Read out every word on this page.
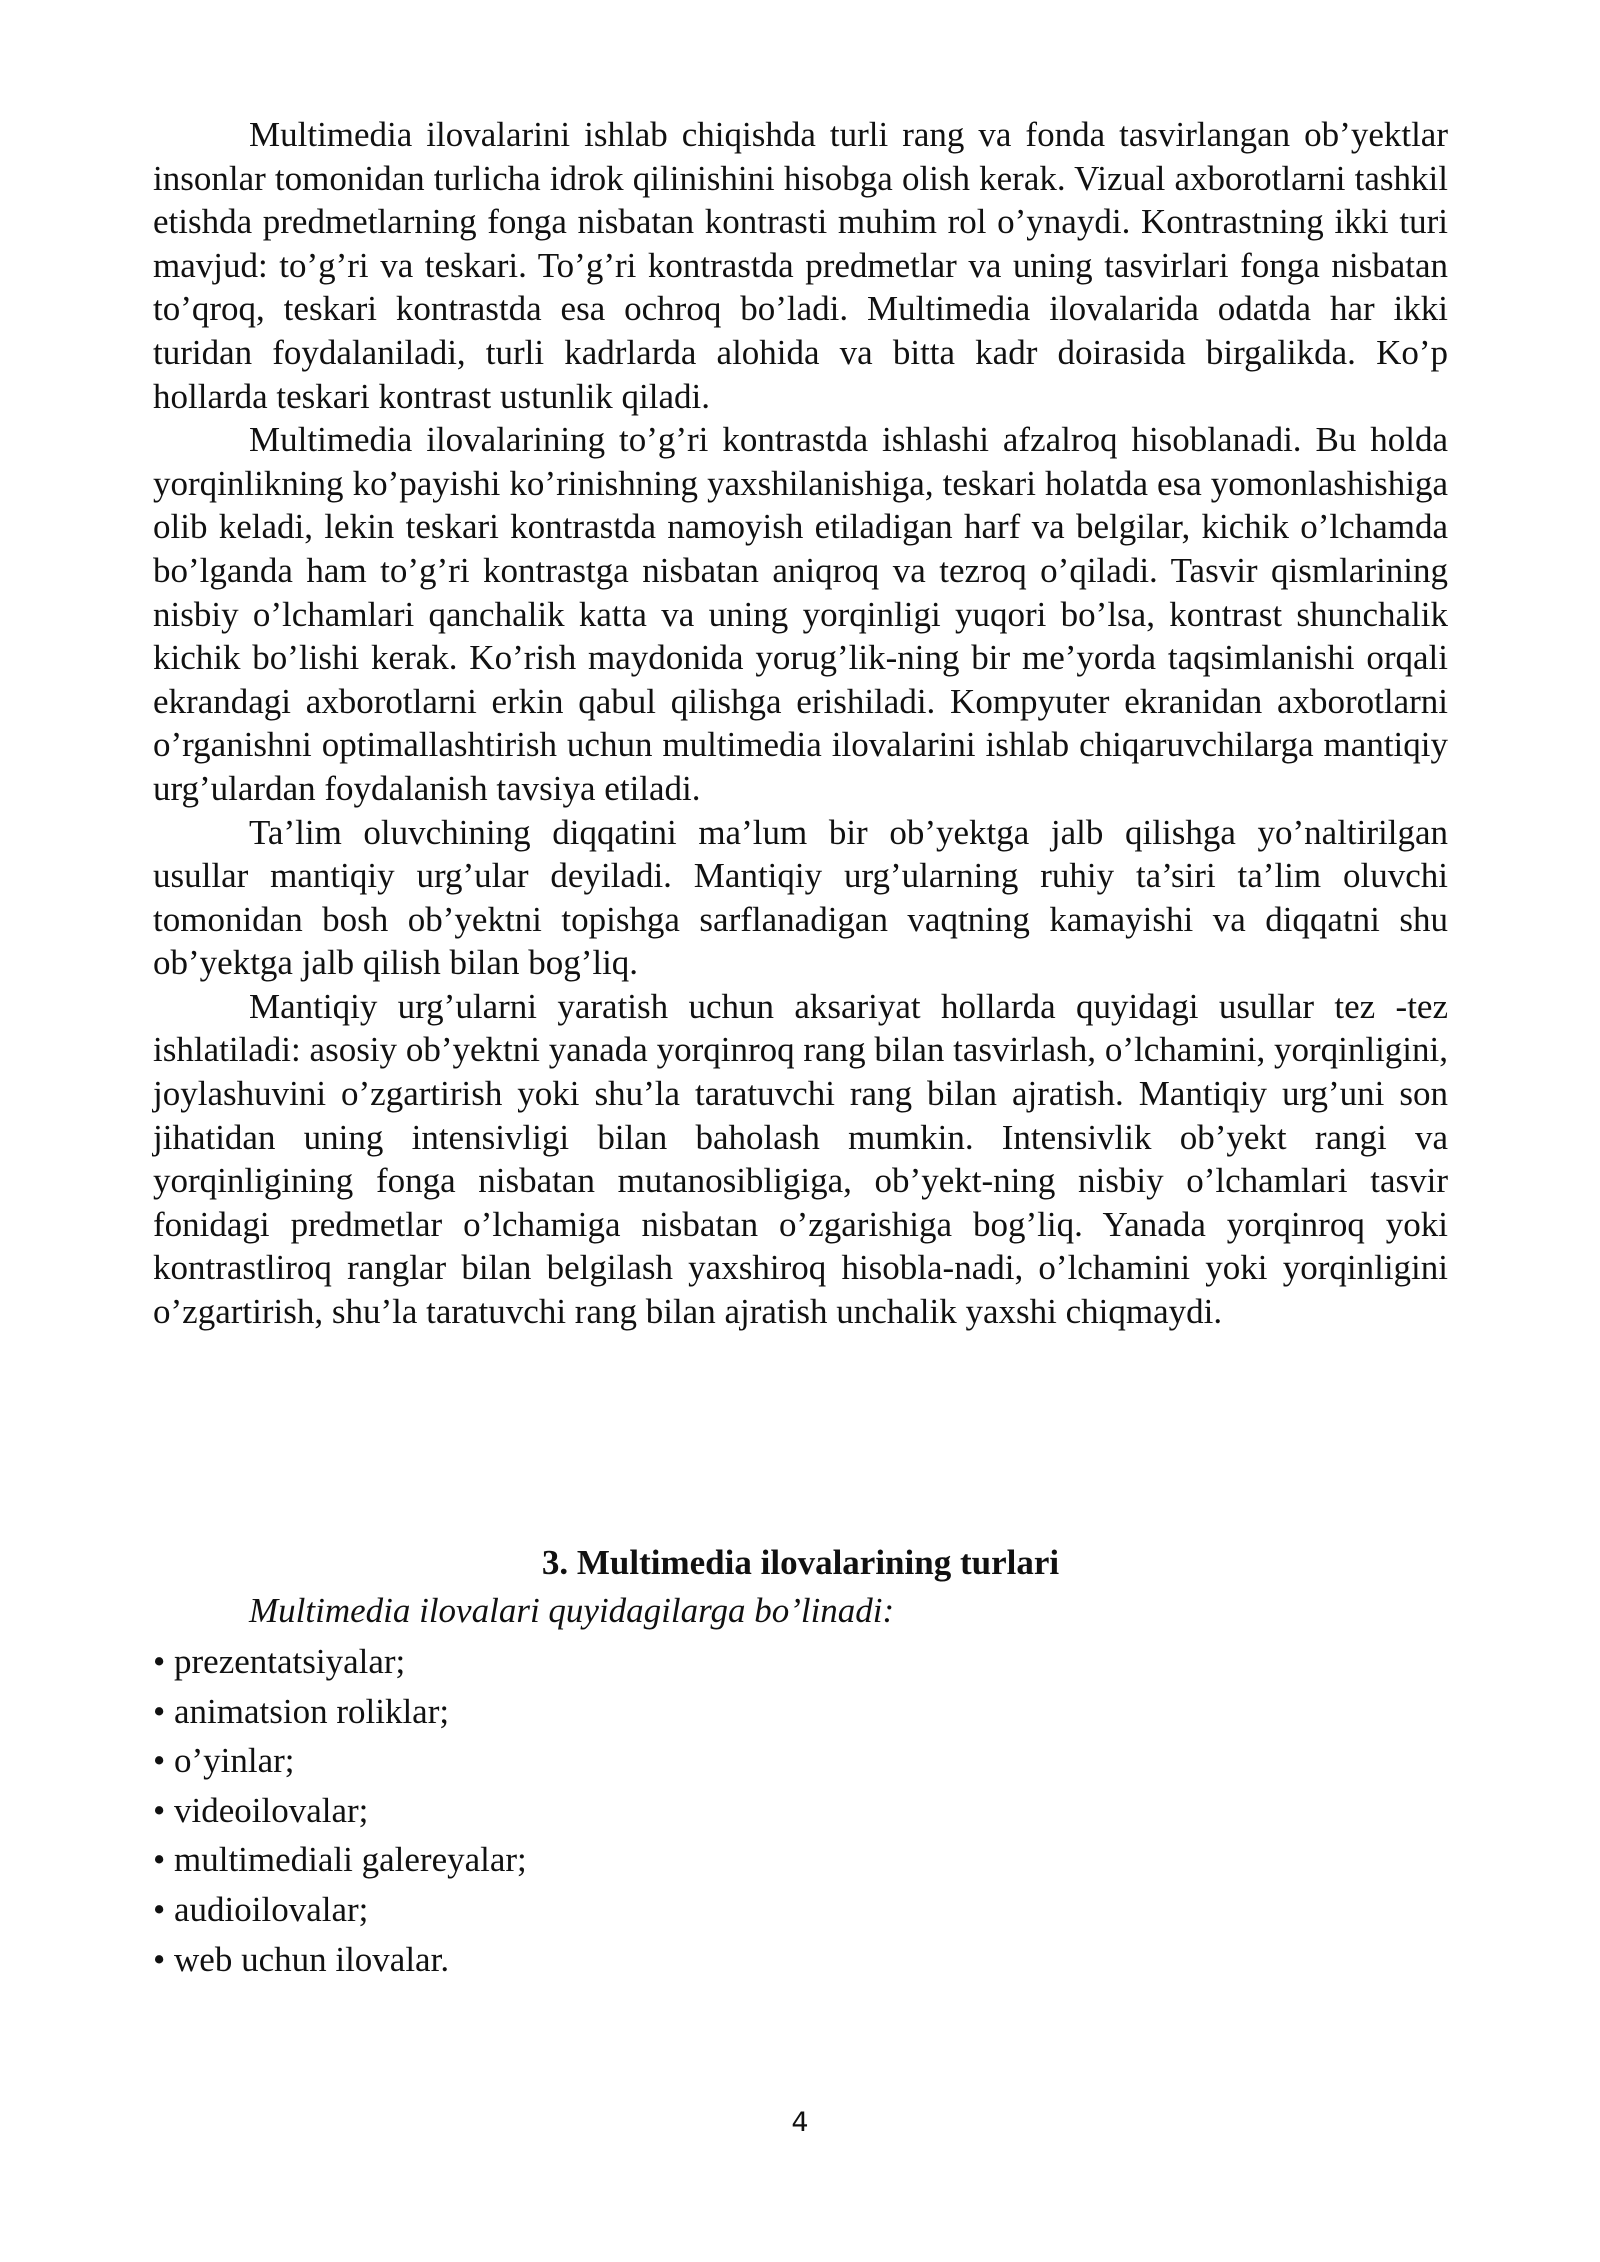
Multimedia ilovalarini ishlab chiqishda turli rang va fonda tasvirlangan ob’yektlar insonlar tomonidan turlicha idrok qilinishini hisobga olish kerak. Vizual axborotlarni tashkil etishda predmetlarning fonga nisbatan kontrasti muhim rol o’ynaydi. Kontrastning ikki turi mavjud: to’g’ri va teskari. To’g’ri kontrastda predmetlar va uning tasvirlari fonga nisbatan to’qroq, teskari kontrastda esa ochroq bo’ladi. Multimedia ilovalarida odatda har ikki turidan foydalaniladi, turli kadrlarda alohida va bitta kadr doirasida birgalikda. Ko’p hollarda teskari kontrast ustunlik qiladi.

Multimedia ilovalarining to’g’ri kontrastda ishlashi afzalroq hisoblanadi. Bu holda yorqinlikning ko’payishi ko’rinishning yaxshilanishiga, teskari holatda esa yomonlashishiga olib keladi, lekin teskari kontrastda namoyish etiladigan harf va belgilar, kichik o’lchamda bo’lganda ham to’g’ri kontrastga nisbatan aniqroq va tezroq o’qiladi. Tasvir qismlarining nisbiy o’lchamlari qanchalik katta va uning yorqinligi yuqori bo’lsa, kontrast shunchalik kichik bo’lishi kerak. Ko’rish maydonida yorug’lik-ning bir me’yorda taqsimlanishi orqali ekrandagi axborotlarni erkin qabul qilishga erishiladi. Kompyuter ekranidan axborotlarni o’rganishni optimallashtirish uchun multimedia ilovalarini ishlab chiqaruvchilarga mantiqiy urg’ulardan foydalanish tavsiya etiladi.

Ta’lim oluvchining diqqatini ma’lum bir ob’yektga jalb qilishga yo’naltirilgan usullar mantiqiy urg’ular deyiladi. Mantiqiy urg’ularning ruhiy ta’siri ta’lim oluvchi tomonidan bosh ob’yektni topishga sarflanadigan vaqtning kamayishi va diqqatni shu ob’yektga jalb qilish bilan bog’liq.

Mantiqiy urg’ularni yaratish uchun aksariyat hollarda quyidagi usullar tez -tez ishlatiladi: asosiy ob’yektni yanada yorqinroq rang bilan tasvirlash, o’lchamini, yorqinligini, joylashuvini o’zgartirish yoki shu’la taratuvchi rang bilan ajratish. Mantiqiy urg’uni son jihatidan uning intensivligi bilan baholash mumkin. Intensivlik ob’yekt rangi va yorqinligining fonga nisbatan mutanosibligiga, ob’yekt-ning nisbiy o’lchamlari tasvir fonidagi predmetlar o’lchamiga nisbatan o’zgarishiga bog’liq. Yanada yorqinroq yoki kontrastliroq ranglar bilan belgilash yaxshiroq hisobla-nadi, o’lchamini yoki yorqinligini o’zgartirish, shu’la taratuvchi rang bilan ajratish unchalik yaxshi chiqmaydi.

3. Multimedia ilovalarining turlari

Multimedia ilovalari quyidagilarga bo’linadi:

• prezentatsiyalar;
• animatsion roliklar;
• o’yinlar;
• videoilovalar;
• multimediali galereyalar;
• audioilovalar;
• web uchun ilovalar.

4
